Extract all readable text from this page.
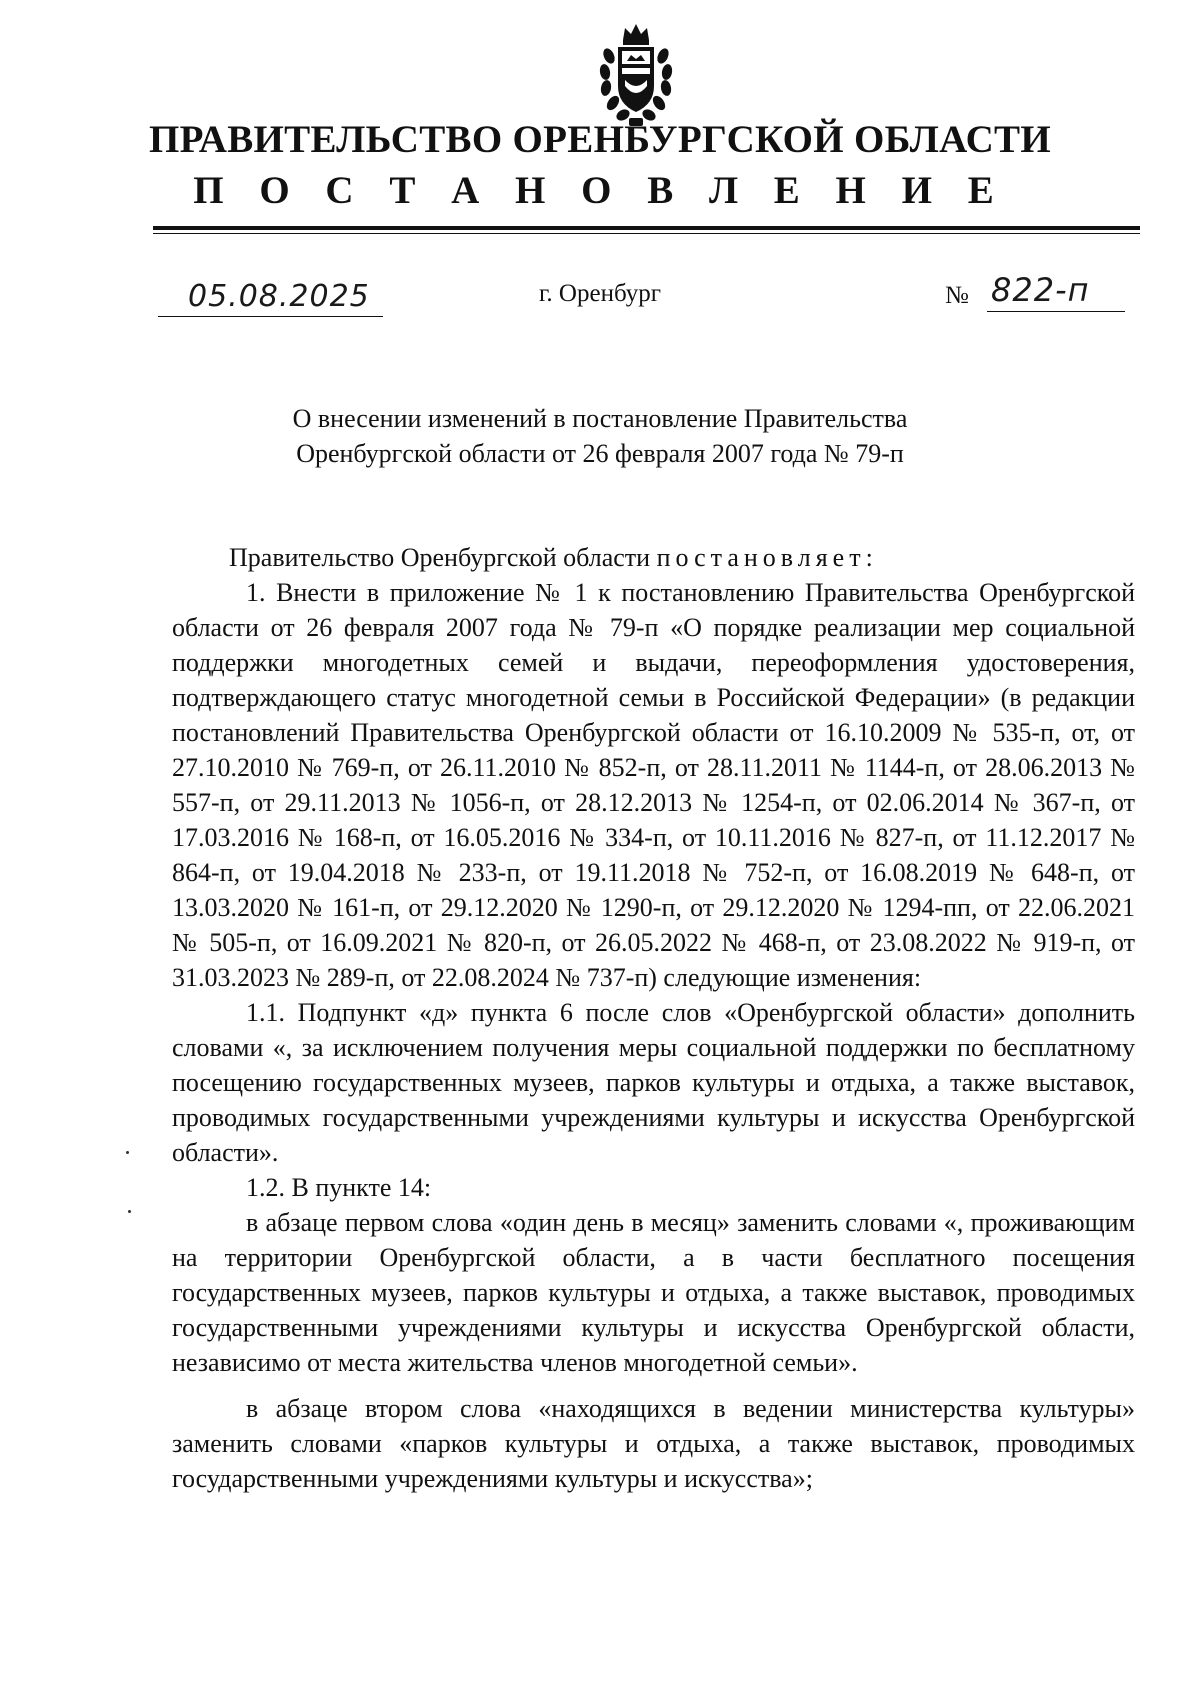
ПРАВИТЕЛЬСТВО ОРЕНБУРГСКОЙ ОБЛАСТИ
П О С Т А Н О В Л Е Н И Е
05.08.2025	г. Оренбург	№ 822-п
О внесении изменений в постановление Правительства
Оренбургской области от 26 февраля 2007 года № 79-п

Правительство Оренбургской области постановляет:

1. Внести в приложение № 1 к постановлению Правительства Оренбургской области от 26 февраля 2007 года № 79-п «О порядке реализации мер социальной поддержки многодетных семей и выдачи, переоформления удостоверения, подтверждающего статус многодетной семьи в Российской Федерации» (в редакции постановлений Правительства Оренбургской области от 16.10.2009 № 535-п, от, от 27.10.2010 № 769-п, от 26.11.2010 № 852-п, от 28.11.2011 № 1144-п, от 28.06.2013 № 557-п, от 29.11.2013 № 1056-п, от 28.12.2013 № 1254-п, от 02.06.2014 № 367-п, от 17.03.2016 № 168-п, от 16.05.2016 № 334-п, от 10.11.2016 № 827-п, от 11.12.2017 № 864-п, от 19.04.2018 № 233-п, от 19.11.2018 № 752-п, от 16.08.2019 № 648-п, от 13.03.2020 № 161-п, от 29.12.2020 № 1290-п, от 29.12.2020 № 1294-пп, от 22.06.2021 № 505-п, от 16.09.2021 № 820-п, от 26.05.2022 № 468-п, от 23.08.2022 № 919-п, от 31.03.2023 № 289-п, от 22.08.2024 № 737-п) следующие изменения:

1.1. Подпункт «д» пункта 6 после слов «Оренбургской области» дополнить словами «, за исключением получения меры социальной поддержки по бесплатному посещению государственных музеев, парков культуры и отдыха, а также выставок, проводимых государственными учреждениями культуры и искусства Оренбургской области».

1.2. В пункте 14:

в абзаце первом слова «один день в месяц» заменить словами «, проживающим на территории Оренбургской области, а в части бесплатного посещения государственных музеев, парков культуры и отдыха, а также выставок, проводимых государственными учреждениями культуры и искусства Оренбургской области, независимо от места жительства членов многодетной семьи».

в абзаце втором слова «находящихся в ведении министерства культуры» заменить словами «парков культуры и отдыха, а также выставок, проводимых государственными учреждениями культуры и искусства»;
